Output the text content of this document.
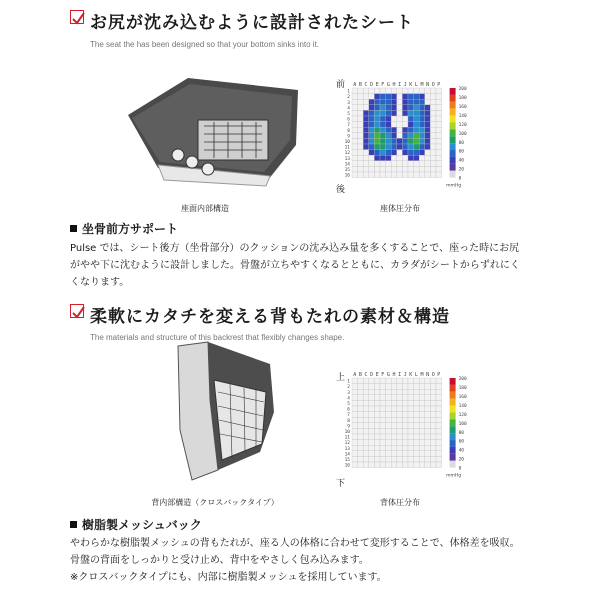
お尻が沈み込むように設計されたシート
The seat the has been designed so that your bottom sinks into it.
座面内部構造
A B C D E F G H I J K L M N O P
1
2
3
4
5
6
7
8
9
10
11
12
13
14
15
16
200
180
160
140
120
100
80
60
40
20
0
mmHg
前
後
座体圧分布
坐骨前方サポート
Pulse では、シート後方（坐骨部分）のクッションの沈み込み量を多くすることで、座った時にお尻
がやや下に沈むように設計しました。骨盤が立ちやすくなるとともに、カラダがシートからずれにく
くなります。
柔軟にカタチを変える背もたれの素材＆構造
The materials and structure of this backrest that flexibly changes shape.
背内部構造（クロスバックタイプ）
A B C D E F G H I J K L M N O P
1
2
3
4
5
6
7
8
9
10
11
12
13
14
15
16
200
180
160
140
120
100
80
60
40
20
0
mmHg
上
下
背体圧分布
樹脂製メッシュバック
やわらかな樹脂製メッシュの背もたれが、座る人の体格に合わせて変形することで、体格差を吸収。
骨盤の背面をしっかりと受け止め、背中をやさしく包み込みます。
※クロスバックタイプにも、内部に樹脂製メッシュを採用しています。
